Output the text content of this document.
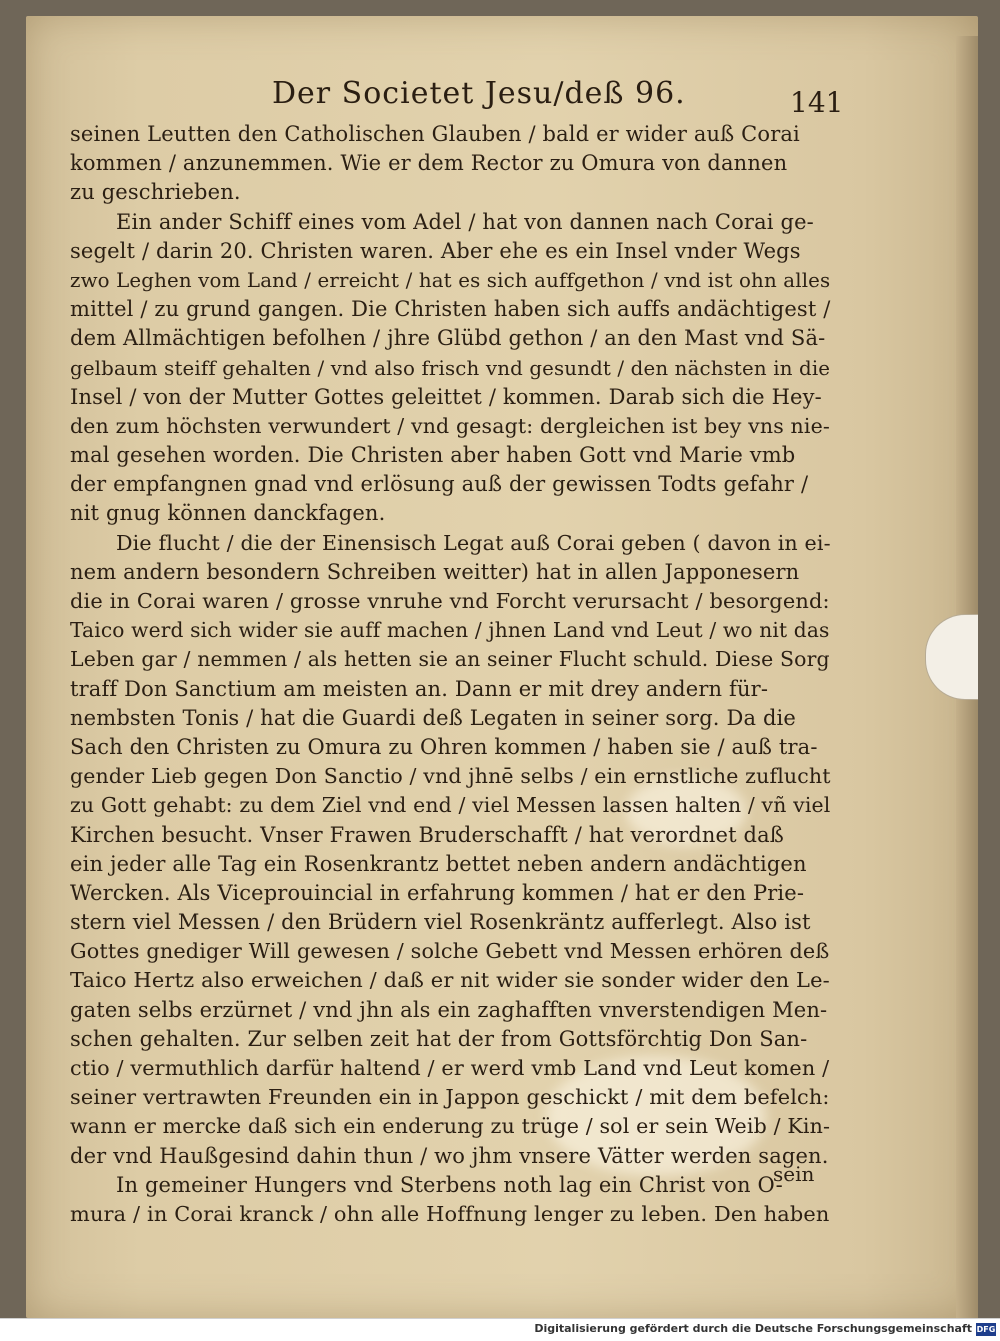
Der Societet Jesu/deß 96.	141
seinen Leutten den Catholischen Glauben / bald er wider auß Corai
kommen / anzunemmen. Wie er dem Rector zu Omura von dannen
zu geschrieben.
Ein ander Schiff eines vom Adel / hat von dannen nach Corai ge-
segelt / darin 20. Christen waren. Aber ehe es ein Insel vnder Wegs
zwo Leghen vom Land / erreicht / hat es sich auffgethon / vnd ist ohn alles
mittel / zu grund gangen. Die Christen haben sich auffs andächtigest /
dem Allmächtigen befolhen / jhre Glübd gethon / an den Mast vnd Sä-
gelbaum steiff gehalten / vnd also frisch vnd gesundt / den nächsten in die
Insel / von der Mutter Gottes geleittet / kommen. Darab sich die Hey-
den zum höchsten verwundert / vnd gesagt: dergleichen ist bey vns nie-
mal gesehen worden. Die Christen aber haben Gott vnd Marie vmb
der empfangnen gnad vnd erlösung auß der gewissen Todts gefahr /
nit gnug können danckfagen.
Die flucht / die der Einensisch Legat auß Corai geben ( davon in ei-
nem andern besondern Schreiben weitter) hat in allen Japponesern
die in Corai waren / grosse vnruhe vnd Forcht verursacht / besorgend:
Taico werd sich wider sie auff machen / jhnen Land vnd Leut / wo nit das
Leben gar / nemmen / als hetten sie an seiner Flucht schuld. Diese Sorg
traff Don Sanctium am meisten an. Dann er mit drey andern für-
nembsten Tonis / hat die Guardi deß Legaten in seiner sorg. Da die
Sach den Christen zu Omura zu Ohren kommen / haben sie / auß tra-
gender Lieb gegen Don Sanctio / vnd jhnē selbs / ein ernstliche zuflucht
zu Gott gehabt: zu dem Ziel vnd end / viel Messen lassen halten / vñ viel
Kirchen besucht. Vnser Frawen Bruderschafft / hat verordnet daß
ein jeder alle Tag ein Rosenkrantz bettet neben andern andächtigen
Wercken. Als Viceprouincial in erfahrung kommen / hat er den Prie-
stern viel Messen / den Brüdern viel Rosenkräntz aufferlegt. Also ist
Gottes gnediger Will gewesen / solche Gebett vnd Messen erhören deß
Taico Hertz also erweichen / daß er nit wider sie sonder wider den Le-
gaten selbs erzürnet / vnd jhn als ein zaghafften vnverstendigen Men-
schen gehalten. Zur selben zeit hat der from Gottsförchtig Don San-
ctio / vermuthlich darfür haltend / er werd vmb Land vnd Leut komen /
seiner vertrawten Freunden ein in Jappon geschickt / mit dem befelch:
wann er mercke daß sich ein enderung zu trüge / sol er sein Weib / Kin-
der vnd Haußgesind dahin thun / wo jhm vnsere Vätter werden sagen.
In gemeiner Hungers vnd Sterbens noth lag ein Christ von O-
mura / in Corai kranck / ohn alle Hoffnung lenger zu leben. Den haben
sein
Digitalisierung gefördert durch die Deutsche Forschungsgemeinschaft DFG
